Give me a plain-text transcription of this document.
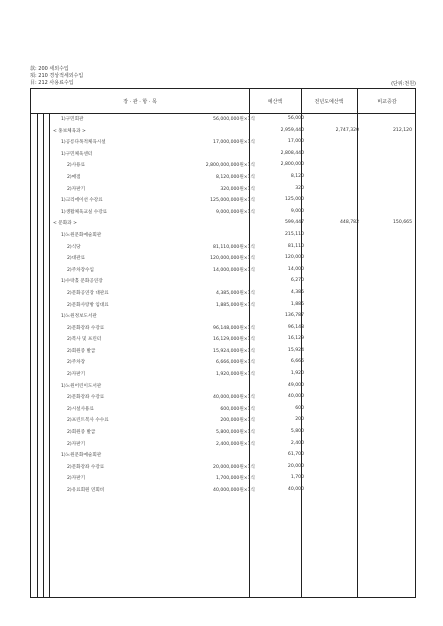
款: 200 세외수입
項: 210 경상적세외수입
目: 212 사용료수입	(단위:천원)
장 · 관 · 항 · 목	예산액	전년도예산액	비교증감
1)구민회관	56,000,000원×1식	56,000
< 홍보체육과 >	2,959,440	2,747,320	212,120
1)공릉다목적체육시설	17,000,000원×1식	17,000
1)구민체육센터	2,808,440
2)사용료	2,800,000,000원×1식	2,800,000
2)매점	8,120,000원×1식	8,120
2)자판기	320,000원×1식	320
1)크리에이션 수강료	125,000,000원×1식	125,000
1)생활체육교실 수강료	9,000,000원×1식	9,000
< 문화과 >	599,447	448,782	150,665
1)노원문화예술회관	215,110
2)식당	81,110,000원×1식	81,110
2)대관료	120,000,000원×1식	120,000
2)주차장수입	14,000,000원×1식	14,000
1)수락홀 문화공연장	6,270
2)문화공연장 대관료	4,385,000원×1식	4,385
2)문화사랑방 임대료	1,885,000원×1식	1,885
1)노원정보도서관	136,787
2)문화강좌 수강료	96,148,000원×1식	96,148
2)복사 및 프린터	16,129,000원×1식	16,129
2)회원증 발급	15,924,000원×1식	15,924
2)주차장	6,666,000원×1식	6,666
2)자판기	1,920,000원×1식	1,920
1)노원어린이도서관	49,000
2)문화강좌 수강료	40,000,000원×1식	40,000
2)시설사용료	600,000원×1식	600
2)프린트복사 수수료	200,000원×1식	200
2)회원증 발급	5,800,000원×1식	5,800
2)자판기	2,400,000원×1식	2,400
1)노원문화예술회관	61,700
2)문화강좌 수강료	20,000,000원×1식	20,000
2)자판기	1,700,000원×1식	1,700
2)유료회원 연회비	40,000,000원×1식	40,000
